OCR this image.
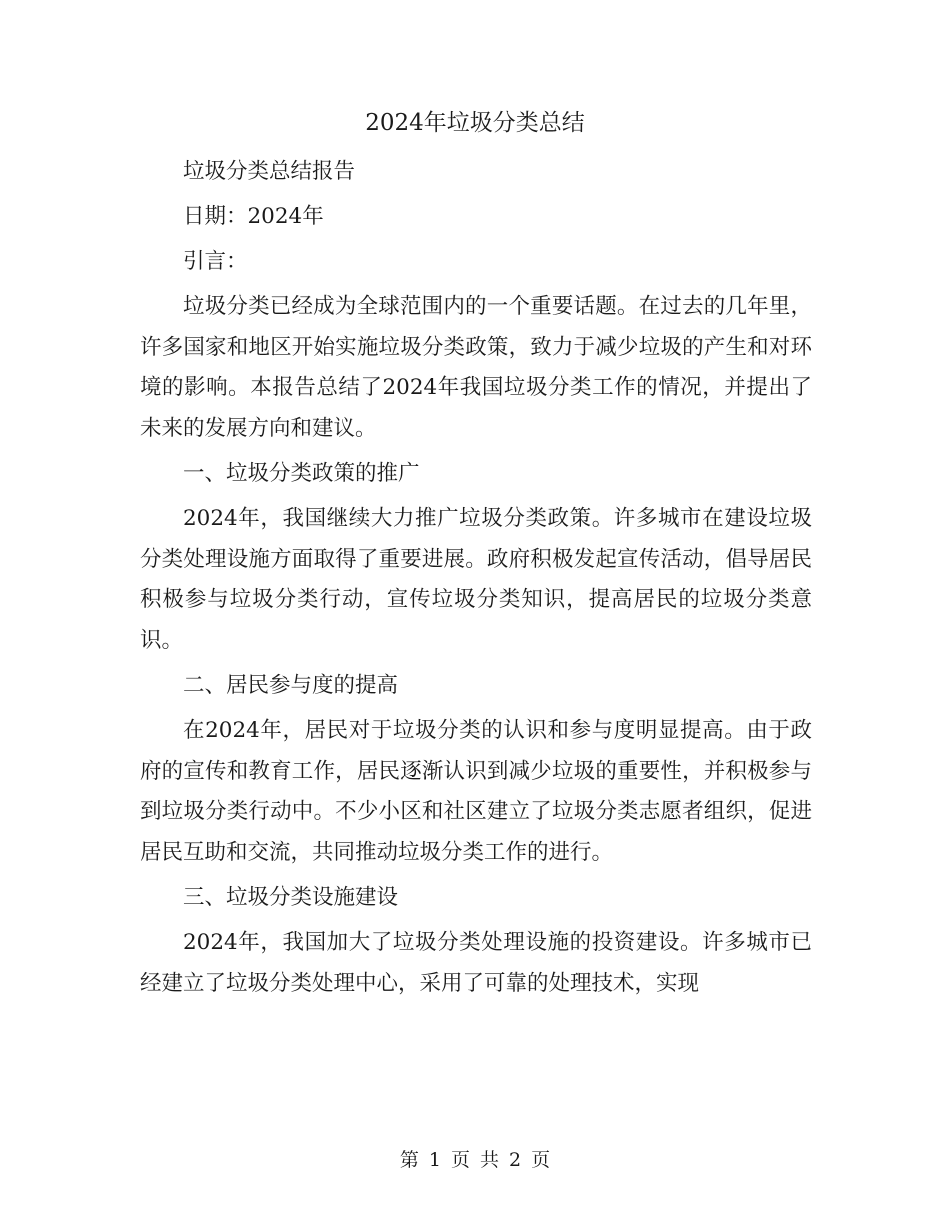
2024年垃圾分类总结

垃圾分类总结报告

日期：2024年

引言：

垃圾分类已经成为全球范围内的一个重要话题。在过去的几年里，许多国家和地区开始实施垃圾分类政策，致力于减少垃圾的产生和对环境的影响。本报告总结了2024年我国垃圾分类工作的情况，并提出了未来的发展方向和建议。

一、垃圾分类政策的推广

2024年，我国继续大力推广垃圾分类政策。许多城市在建设垃圾分类处理设施方面取得了重要进展。政府积极发起宣传活动，倡导居民积极参与垃圾分类行动，宣传垃圾分类知识，提高居民的垃圾分类意识。

二、居民参与度的提高

在2024年，居民对于垃圾分类的认识和参与度明显提高。由于政府的宣传和教育工作，居民逐渐认识到减少垃圾的重要性，并积极参与到垃圾分类行动中。不少小区和社区建立了垃圾分类志愿者组织，促进居民互助和交流，共同推动垃圾分类工作的进行。

三、垃圾分类设施建设

2024年，我国加大了垃圾分类处理设施的投资建设。许多城市已经建立了垃圾分类处理中心，采用了可靠的处理技术，实现

第 1 页 共 2 页
